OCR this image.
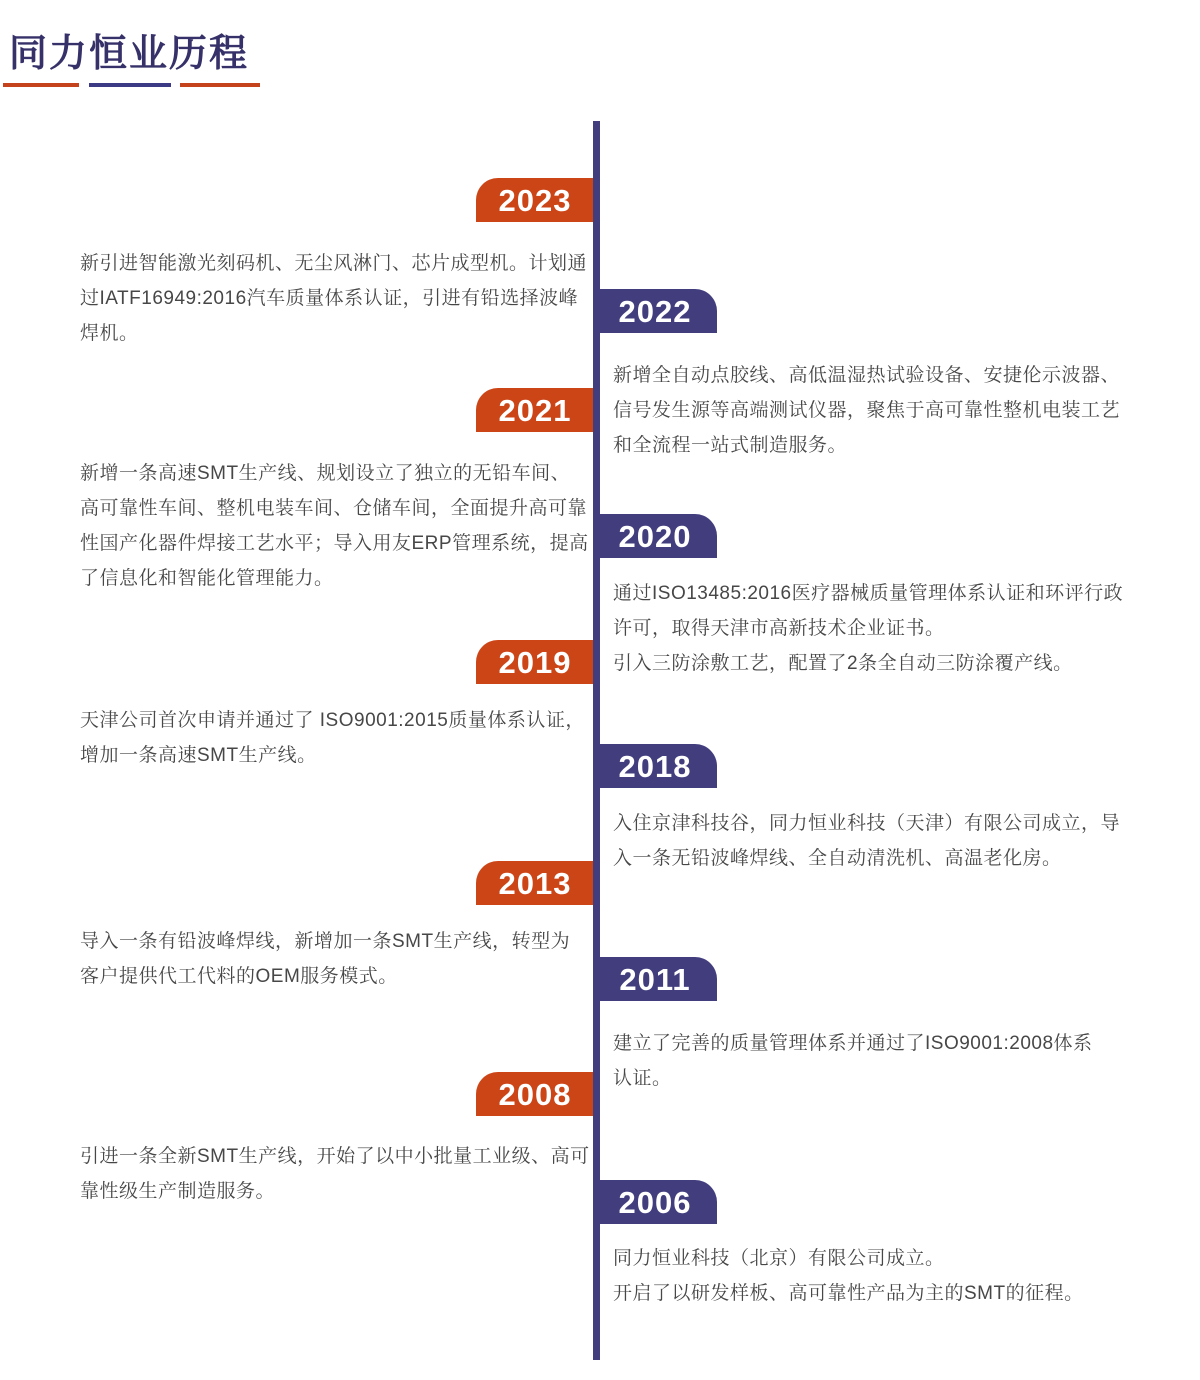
同力恒业历程
2023
新引进智能激光刻码机、无尘风淋门、芯片成型机。计划通
过IATF16949:2016汽车质量体系认证，引进有铅选择波峰
焊机。
2022
新增全自动点胶线、高低温湿热试验设备、安捷伦示波器、
信号发生源等高端测试仪器，聚焦于高可靠性整机电装工艺
和全流程一站式制造服务。
2021
新增一条高速SMT生产线、规划设立了独立的无铅车间、
高可靠性车间、整机电装车间、仓储车间，全面提升高可靠
性国产化器件焊接工艺水平；导入用友ERP管理系统，提高
了信息化和智能化管理能力。
2020
通过ISO13485:2016医疗器械质量管理体系认证和环评行政
许可，取得天津市高新技术企业证书。
引入三防涂敷工艺，配置了2条全自动三防涂覆产线。
2019
天津公司首次申请并通过了 ISO9001:2015质量体系认证，
增加一条高速SMT生产线。	2018
入住京津科技谷，同力恒业科技（天津）有限公司成立，导
入一条无铅波峰焊线、全自动清洗机、高温老化房。
2013
导入一条有铅波峰焊线，新增加一条SMT生产线，转型为
客户提供代工代料的OEM服务模式。	2011
建立了完善的质量管理体系并通过了ISO9001:2008体系
认证。
2008
引进一条全新SMT生产线，开始了以中小批量工业级、高可
靠性级生产制造服务。	2006
同力恒业科技（北京）有限公司成立。
开启了以研发样板、高可靠性产品为主的SMT的征程。
